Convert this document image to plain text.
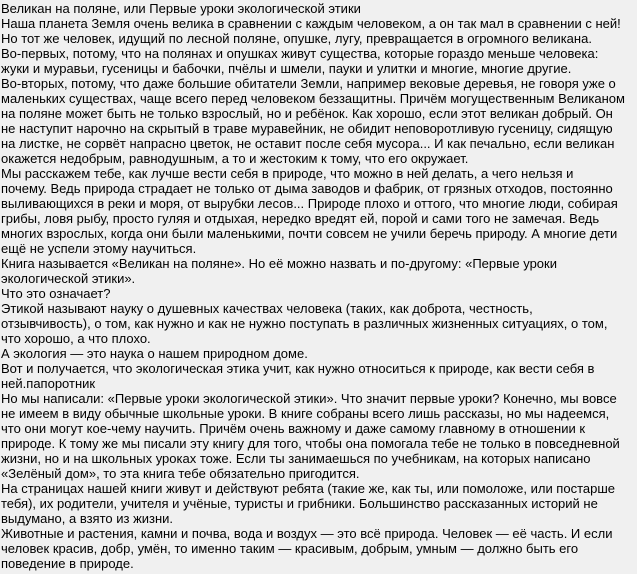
Великан на поляне, или Первые уроки экологической этики
Наша планета Земля очень велика в сравнении с каждым человеком, а он так мал в сравнении с ней!
Но тот же человек, идущий по лесной поляне, опушке, лугу, превращается в огромного великана.
Во-первых, потому, что на полянах и опушках живут существа, которые гораздо меньше человека:
жуки и муравьи, гусеницы и бабочки, пчёлы и шмели, пауки и улитки и многие, многие другие.
Во-вторых, потому, что даже большие обитатели Земли, например вековые деревья, не говоря уже о
маленьких существах, чаще всего перед человеком беззащитны. Причём могущественным Великаном
на поляне может быть не только взрослый, но и ребёнок. Как хорошо, если этот великан добрый. Он
не наступит нарочно на скрытый в траве муравейник, не обидит неповоротливую гусеницу, сидящую
на листке, не сорвёт напрасно цветок, не оставит после себя мусора... И как печально, если великан
окажется недобрым, равнодушным, а то и жестоким к тому, что его окружает.
Мы расскажем тебе, как лучше вести себя в природе, что можно в ней делать, а чего нельзя и
почему. Ведь природа страдает не только от дыма заводов и фабрик, от грязных отходов, постоянно
выливающихся в реки и моря, от вырубки лесов... Природе плохо и оттого, что многие люди, собирая
грибы, ловя рыбу, просто гуляя и отдыхая, нередко вредят ей, порой и сами того не замечая. Ведь
многих взрослых, когда они были маленькими, почти совсем не учили беречь природу. А многие дети
ещё не успели этому научиться.
Книга называется «Великан на поляне». Но её можно назвать и по-другому: «Первые уроки
экологической этики».
Что это означает?
Этикой называют науку о душевных качествах человека (таких, как доброта, честность,
отзывчивость), о том, как нужно и как не нужно поступать в различных жизненных ситуациях, о том,
что хорошо, а что плохо.
А экология — это наука о нашем природном доме.
Вот и получается, что экологическая этика учит, как нужно относиться к природе, как вести себя в
ней.папоротник
Но мы написали: «Первые уроки экологической этики». Что значит первые уроки? Конечно, мы вовсе
не имеем в виду обычные школьные уроки. В книге собраны всего лишь рассказы, но мы надеемся,
что они могут кое-чему научить. Причём очень важному и даже самому главному в отношении к
природе. К тому же мы писали эту книгу для того, чтобы она помогала тебе не только в повседневной
жизни, но и на школьных уроках тоже. Если ты занимаешься по учебникам, на которых написано
«Зелёный дом», то эта книга тебе обязательно пригодится.
На страницах нашей книги живут и действуют ребята (такие же, как ты, или помоложе, или постарше
тебя), их родители, учителя и учёные, туристы и грибники. Большинство рассказанных историй не
выдумано, а взято из жизни.
Животные и растения, камни и почва, вода и воздух — это всё природа. Человек — её часть. И если
человек красив, добр, умён, то именно таким — красивым, добрым, умным — должно быть его
поведение в природе.
